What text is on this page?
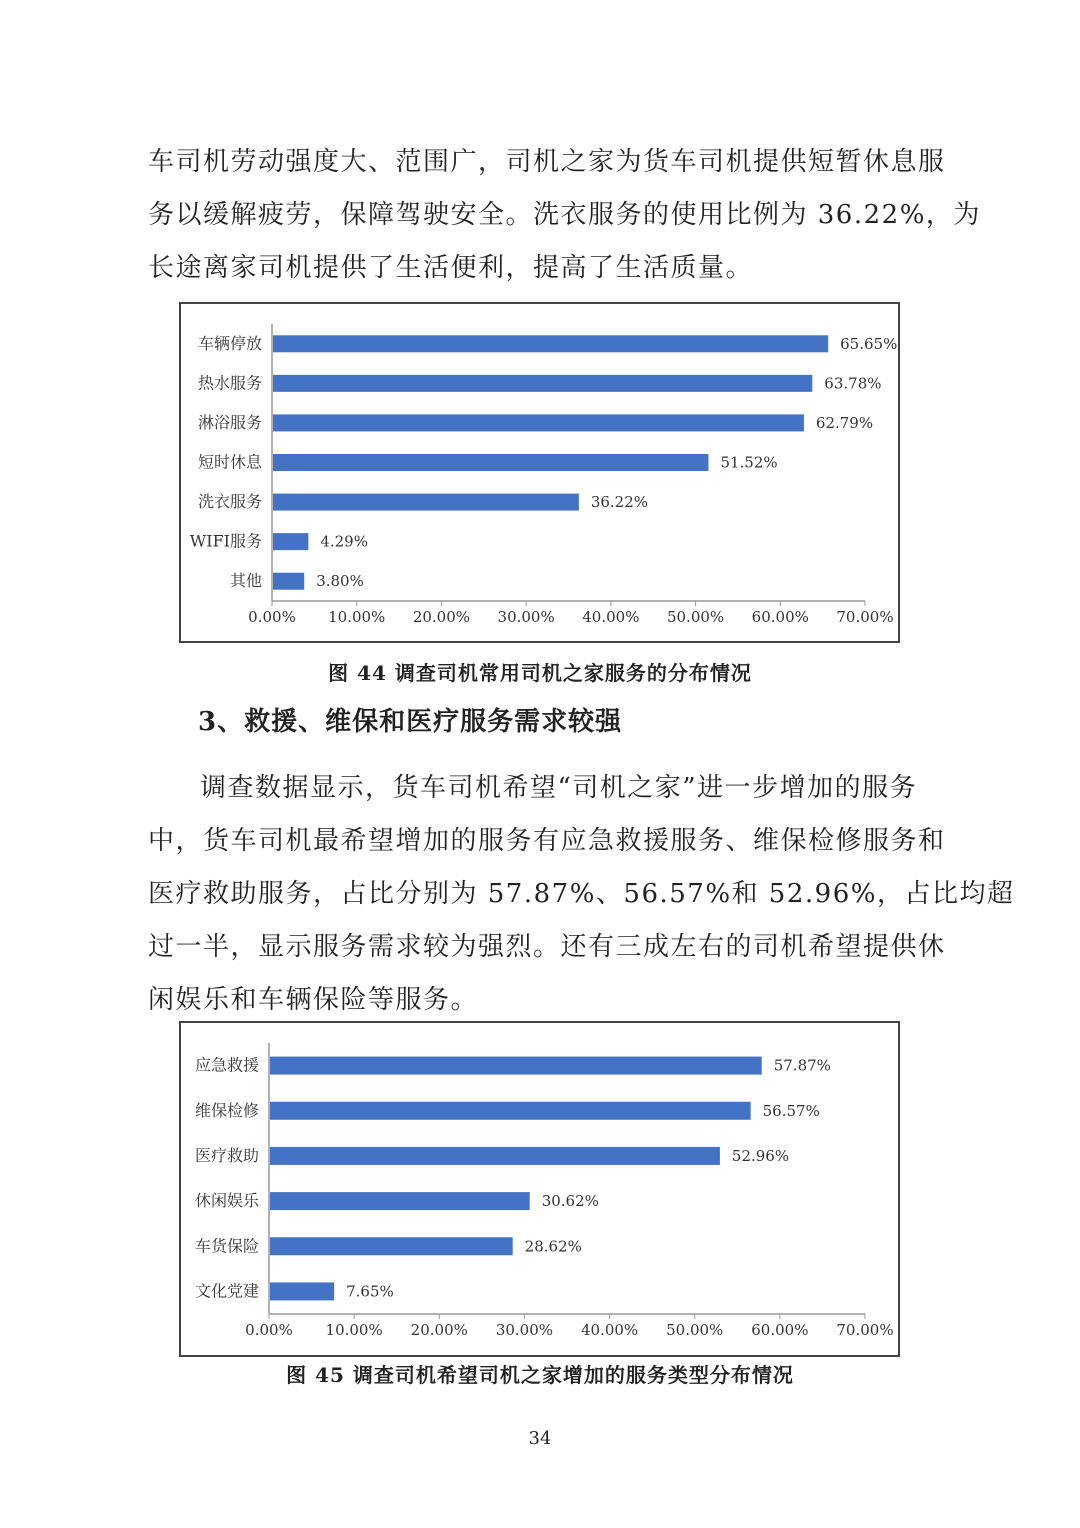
车司机劳动强度大、范围广，司机之家为货车司机提供短暂休息服
务以缓解疲劳，保障驾驶安全。洗衣服务的使用比例为 36.22%，为
长途离家司机提供了生活便利，提高了生活质量。
0.00% 10.00% 20.00% 30.00% 40.00% 50.00% 60.00% 70.00%
车辆停放	65.65%
热水服务	63.78%
淋浴服务	62.79%
短时休息	51.52%
洗衣服务	36.22%
WIFI服务	4.29%
其他	3.80%

图 44 调查司机常用司机之家服务的分布情况

3、救援、维保和医疗服务需求较强
调查数据显示，货车司机希望“司机之家”进一步增加的服务
中，货车司机最希望增加的服务有应急救援服务、维保检修服务和
医疗救助服务，占比分别为 57.87%、56.57%和 52.96%，占比均超
过一半，显示服务需求较为强烈。还有三成左右的司机希望提供休
闲娱乐和车辆保险等服务。
0.00% 10.00% 20.00% 30.00% 40.00% 50.00% 60.00% 70.00%
应急救援	57.87%
维保检修	56.57%
医疗救助	52.96%
休闲娱乐	30.62%
车货保险	28.62%
文化党建	7.65%

图 45 调查司机希望司机之家增加的服务类型分布情况

34
